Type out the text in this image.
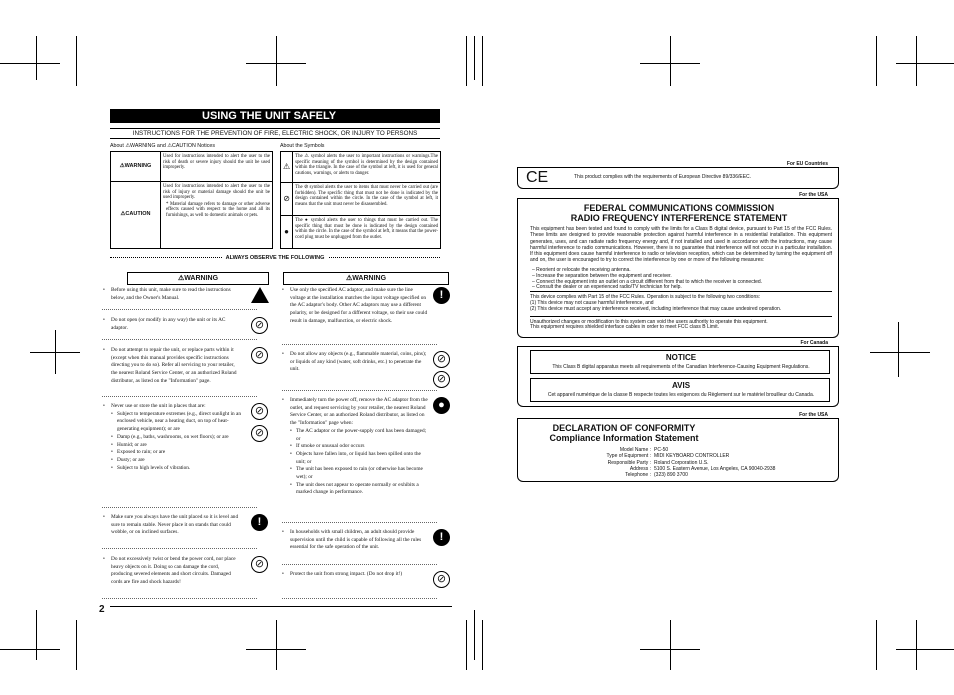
USING THE UNIT SAFELY
INSTRUCTIONS FOR THE PREVENTION OF FIRE, ELECTRIC SHOCK, OR INJURY TO PERSONS
About ⚠WARNING and ⚠CAUTION Notices	About the Symbols
⚠WARNING	Used for instructions intended to alert the user to the risk of death or severe injury should the unit be used improperly.
⚠CAUTION	Used for instructions intended to alert the user to the risk of injury or material damage should the unit be used improperly.
* Material damage refers to damage or other adverse effects caused with respect to the home and all its furnishings, as well to domestic animals or pets.
⚠	The ⚠ symbol alerts the user to important instructions or warnings.The specific meaning of the symbol is determined by the design contained within the triangle. In the case of the symbol at left, it is used for general cautions, warnings, or alerts to danger.
⊘	The ⊘ symbol alerts the user to items that must never be carried out (are forbidden). The specific thing that must not be done is indicated by the design contained within the circle. In the case of the symbol at left, it means that the unit must never be disassembled.
●	The ● symbol alerts the user to things that must be carried out. The specific thing that must be done is indicated by the design contained within the circle. In the case of the symbol at left, it means that the power-cord plug must be unplugged from the outlet.
ALWAYS OBSERVE THE FOLLOWING
⚠WARNING	⚠WARNING
• Before using this unit, make sure to read the instructions below, and the Owner's Manual.
• Do not open (or modify in any way) the unit or its AC adaptor.	⊘
• Do not attempt to repair the unit, or replace parts within it (except when this manual provides specific instructions directing you to do so). Refer all servicing to your retailer, the nearest Roland Service Center, or an authorized Roland distributor, as listed on the "Information" page.
⊘
• Never use or store the unit in places that are:
• Subject to temperature extremes (e.g., direct sunlight in an enclosed vehicle, near a heating duct, on top of heat-generating equipment); or are
• Damp (e.g., baths, washrooms, on wet floors); or are
• Humid; or are
• Exposed to rain; or are
• Dusty; or are
• Subject to high levels of vibration.
⊘
⊘
• Make sure you always have the unit placed so it is level and sure to remain stable. Never place it on stands that could wobble, or on inclined surfaces.
!
• Do not excessively twist or bend the power cord, nor place heavy objects on it. Doing so can damage the cord, producing severed elements and short circuits. Damaged cords are fire and shock hazards!
⊘
• Use only the specified AC adaptor, and make sure the line voltage at the installation matches the input voltage specified on the AC adaptor's body. Other AC adaptors may use a different polarity, or be designed for a different voltage, so their use could result in damage, malfunction, or electric shock.
!
• Do not allow any objects (e.g., flammable material, coins, pins); or liquids of any kind (water, soft drinks, etc.) to penetrate the unit.
⊘
⊘
• Immediately turn the power off, remove the AC adaptor from the outlet, and request servicing by your retailer, the nearest Roland Service Center, or an authorized Roland distributor, as listed on the "Information" page when:
• The AC adaptor or the power-supply cord has been damaged; or
• If smoke or unusual odor occurs
• Objects have fallen into, or liquid has been spilled onto the unit; or
• The unit has been exposed to rain (or otherwise has become wet); or
• The unit does not appear to operate normally or exhibits a marked change in performance.
●
• In households with small children, an adult should provide supervision until the child is capable of following all the rules essential for the safe operation of the unit.
!
• Protect the unit from strong impact. (Do not drop it!)	⊘
2
For EU Countries
CE	This product complies with the requirements of European Directive 89/336/EEC.
For the USA
FEDERAL COMMUNICATIONS COMMISSION
RADIO FREQUENCY INTERFERENCE STATEMENT
This equipment has been tested and found to comply with the limits for a Class B digital device, pursuant to Part 15 of the FCC Rules. These limits are designed to provide reasonable protection against harmful interference in a residential installation. This equipment generates, uses, and can radiate radio frequency energy and, if not installed and used in accordance with the instructions, may cause harmful interference to radio communications. However, there is no guarantee that interference will not occur in a particular installation. If this equipment does cause harmful interference to radio or television reception, which can be determined by turning the equipment off and on, the user is encouraged to try to correct the interference by one or more of the following measures:
– Reorient or relocate the receiving antenna.
– Increase the separation between the equipment and receiver.
– Connect the equipment into an outlet on a circuit different from that to which the receiver is connected.
– Consult the dealer or an experienced radio/TV technician for help.
This device complies with Part 15 of the FCC Rules. Operation is subject to the following two conditions:
(1) This device may not cause harmful interference, and
(2) This device must accept any interference received, including interference that may cause undesired operation.
Unauthorized changes or modification to this system can void the users authority to operate this equipment.
This equipment requires shielded interface cables in order to meet FCC class B Limit.
For Canada
NOTICE
This Class B digital apparatus meets all requirements of the Canadian Interference-Causing Equipment Regulations.
AVIS
Cet appareil numérique de la classe B respecte toutes les exigences du Règlement sur le matériel brouilleur du Canada.
For the USA
DECLARATION OF CONFORMITY
Compliance Information Statement
Model Name : PC-50
Type of Equipment : MIDI KEYBOARD CONTROLLER
Responsible Party : Roland Corporation U.S.
Address : 5100 S. Eastern Avenue, Los Angeles, CA 90040-2938
Telephone : (323) 890 3700
